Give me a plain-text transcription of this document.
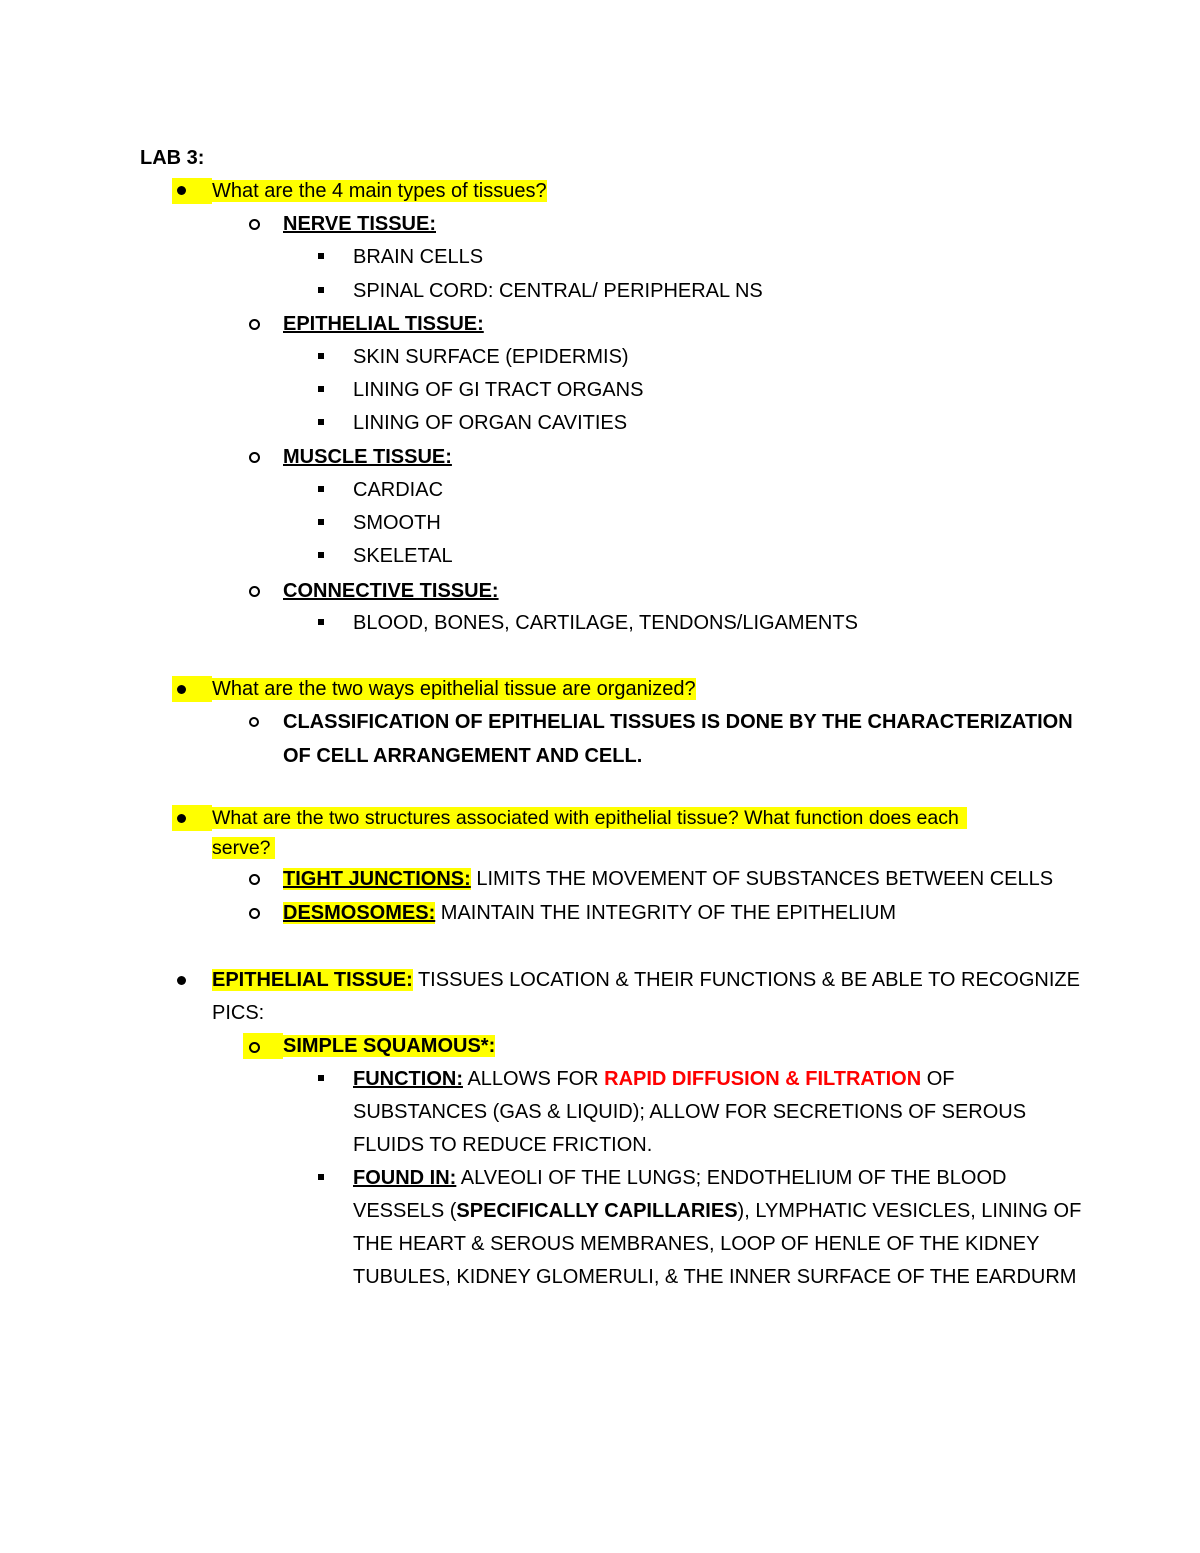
LAB 3:
What are the 4 main types of tissues?
NERVE TISSUE:
BRAIN CELLS
SPINAL CORD: CENTRAL/ PERIPHERAL NS
EPITHELIAL TISSUE:
SKIN SURFACE (EPIDERMIS)
LINING OF GI TRACT ORGANS
LINING OF ORGAN CAVITIES
MUSCLE TISSUE:
CARDIAC
SMOOTH
SKELETAL
CONNECTIVE TISSUE:
BLOOD, BONES, CARTILAGE, TENDONS/LIGAMENTS
What are the two ways epithelial tissue are organized?
CLASSIFICATION OF EPITHELIAL TISSUES IS DONE BY THE CHARACTERIZATION
OF CELL ARRANGEMENT AND CELL.
What are the two structures associated with epithelial tissue? What function does each
serve?
TIGHT JUNCTIONS: LIMITS THE MOVEMENT OF SUBSTANCES BETWEEN CELLS
DESMOSOMES: MAINTAIN THE INTEGRITY OF THE EPITHELIUM
EPITHELIAL TISSUE: TISSUES LOCATION & THEIR FUNCTIONS & BE ABLE TO RECOGNIZE
PICS:
SIMPLE SQUAMOUS*:
FUNCTION: ALLOWS FOR RAPID DIFFUSION & FILTRATION OF
SUBSTANCES (GAS & LIQUID); ALLOW FOR SECRETIONS OF SEROUS
FLUIDS TO REDUCE FRICTION.
FOUND IN: ALVEOLI OF THE LUNGS; ENDOTHELIUM OF THE BLOOD
VESSELS (SPECIFICALLY CAPILLARIES), LYMPHATIC VESICLES, LINING OF
THE HEART & SEROUS MEMBRANES, LOOP OF HENLE OF THE KIDNEY
TUBULES, KIDNEY GLOMERULI, & THE INNER SURFACE OF THE EARDURM
